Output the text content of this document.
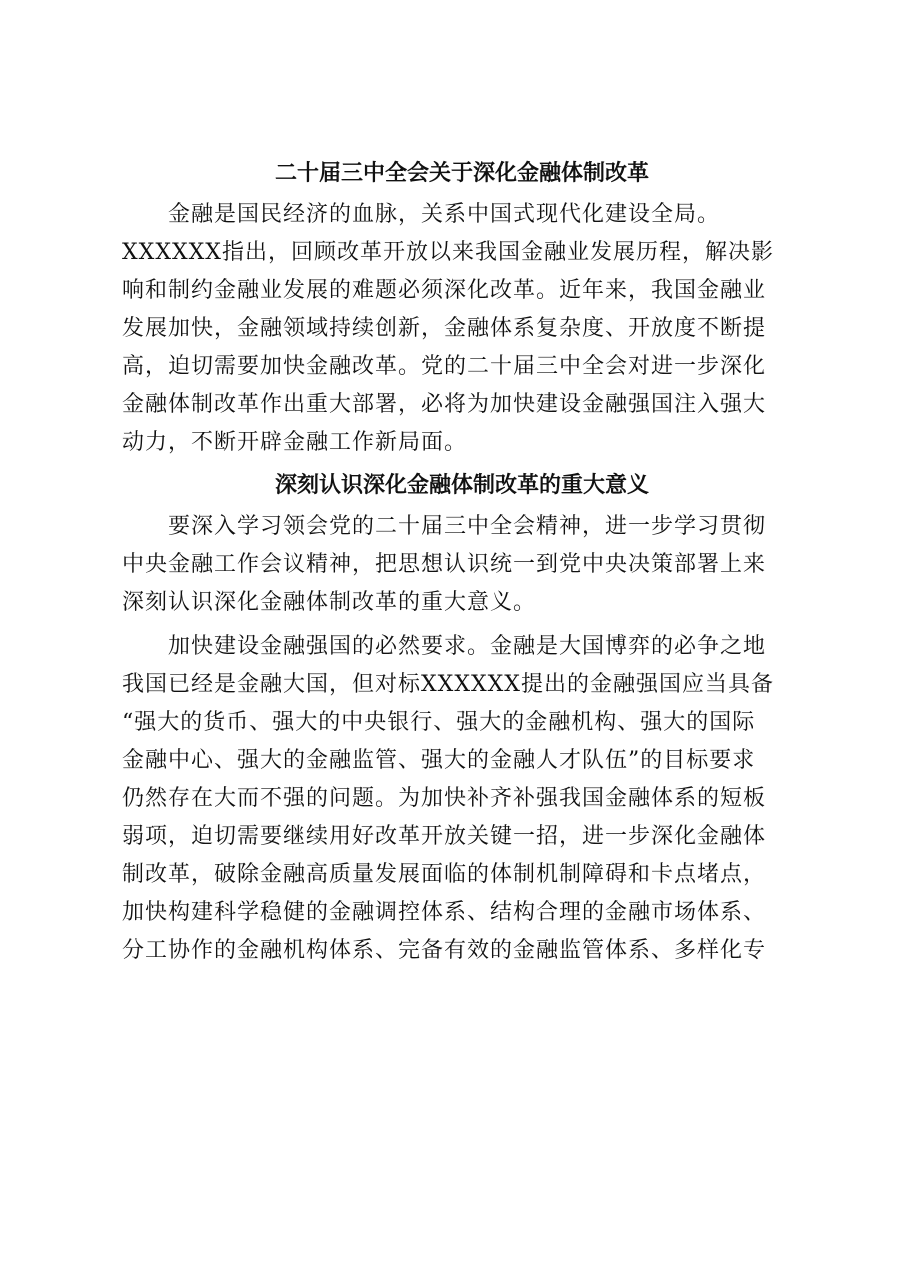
二十届三中全会关于深化金融体制改革
金融是国民经济的血脉，关系中国式现代化建设全局。
XXXXXX指出，回顾改革开放以来我国金融业发展历程，解决影
响和制约金融业发展的难题必须深化改革。近年来，我国金融业
发展加快，金融领域持续创新，金融体系复杂度、开放度不断提
高，迫切需要加快金融改革。党的二十届三中全会对进一步深化
金融体制改革作出重大部署，必将为加快建设金融强国注入强大
动力，不断开辟金融工作新局面。
深刻认识深化金融体制改革的重大意义
要深入学习领会党的二十届三中全会精神，进一步学习贯彻
中央金融工作会议精神，把思想认识统一到党中央决策部署上来
深刻认识深化金融体制改革的重大意义。
加快建设金融强国的必然要求。金融是大国博弈的必争之地
我国已经是金融大国，但对标XXXXXX提出的金融强国应当具备
“强大的货币、强大的中央银行、强大的金融机构、强大的国际
金融中心、强大的金融监管、强大的金融人才队伍”的目标要求
仍然存在大而不强的问题。为加快补齐补强我国金融体系的短板
弱项，迫切需要继续用好改革开放关键一招，进一步深化金融体
制改革，破除金融高质量发展面临的体制机制障碍和卡点堵点，
加快构建科学稳健的金融调控体系、结构合理的金融市场体系、
分工协作的金融机构体系、完备有效的金融监管体系、多样化专
